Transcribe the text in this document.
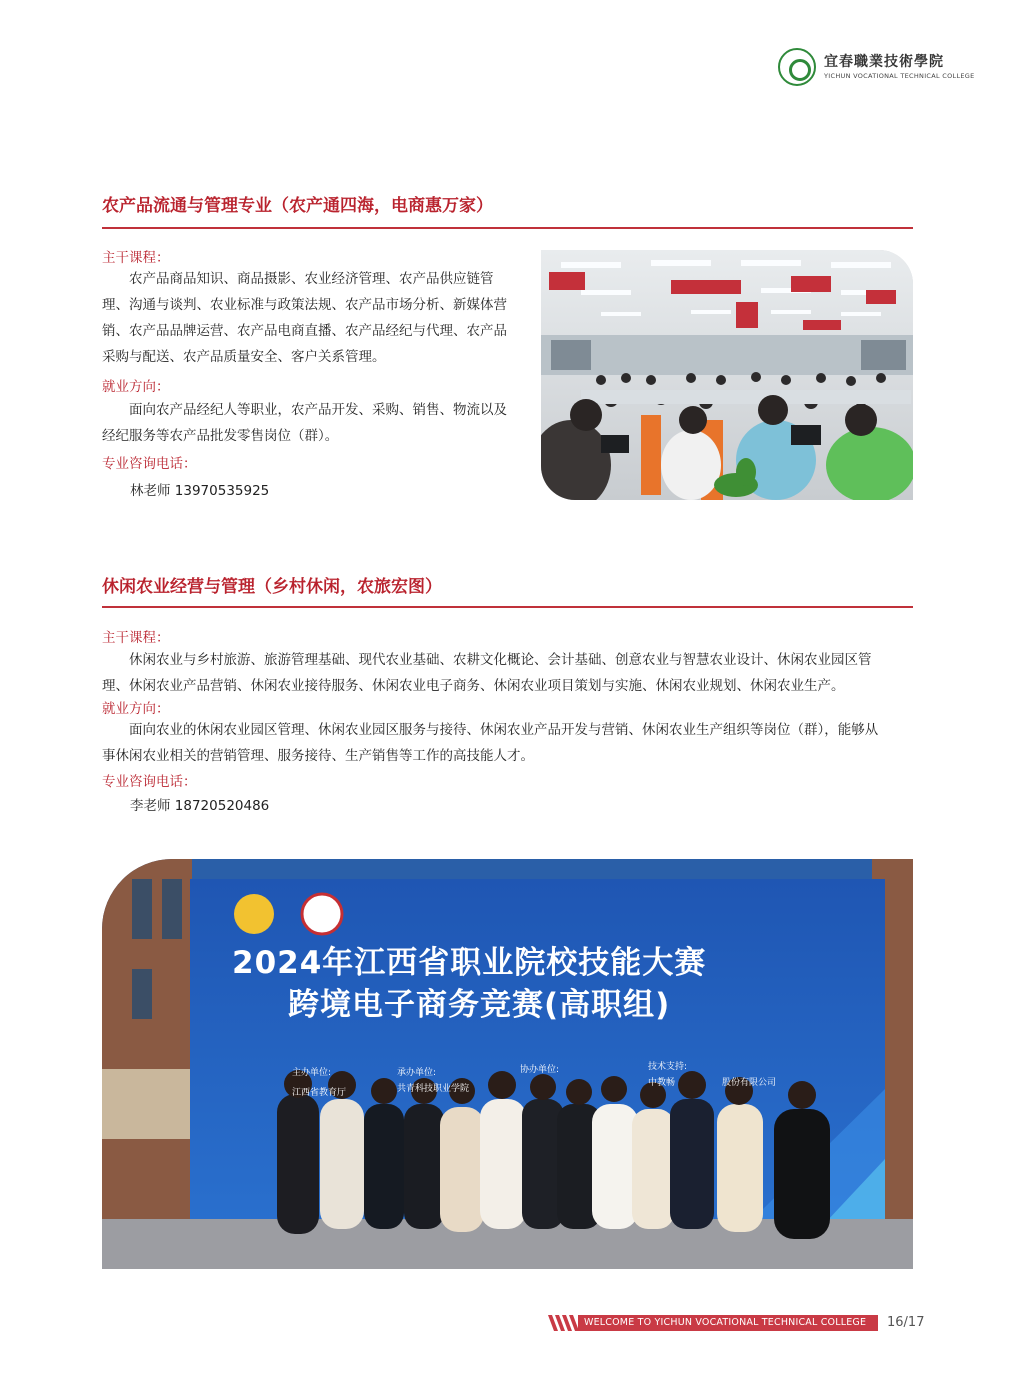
宜春職業技術學院
YICHUN VOCATIONAL TECHNICAL COLLEGE
农产品流通与管理专业（农产通四海，电商惠万家）
主干课程：
农产品商品知识、商品摄影、农业经济管理、农产品供应链管
理、沟通与谈判、农业标准与政策法规、农产品市场分析、新媒体营
销、农产品品牌运营、农产品电商直播、农产品经纪与代理、农产品
采购与配送、农产品质量安全、客户关系管理。
就业方向：
面向农产品经纪人等职业，农产品开发、采购、销售、物流以及
经纪服务等农产品批发零售岗位（群）。
专业咨询电话：
林老师 13970535925
休闲农业经营与管理（乡村休闲，农旅宏图）
主干课程：
休闲农业与乡村旅游、旅游管理基础、现代农业基础、农耕文化概论、会计基础、创意农业与智慧农业设计、休闲农业园区管
理、休闲农业产品营销、休闲农业接待服务、休闲农业电子商务、休闲农业项目策划与实施、休闲农业规划、休闲农业生产。
就业方向：
面向农业的休闲农业园区管理、休闲农业园区服务与接待、休闲农业产品开发与营销、休闲农业生产组织等岗位（群），能够从
事休闲农业相关的营销管理、服务接待、生产销售等工作的高技能人才。
专业咨询电话：
李老师 18720520486
2024年江西省职业院校技能大赛
跨境电子商务竞赛(高职组)
主办单位:
江西省教育厅
承办单位:
共青科技职业学院
协办单位:	技术支持:
中教畅	股份有限公司
WELCOME TO YICHUN VOCATIONAL TECHNICAL COLLEGE 16/17
